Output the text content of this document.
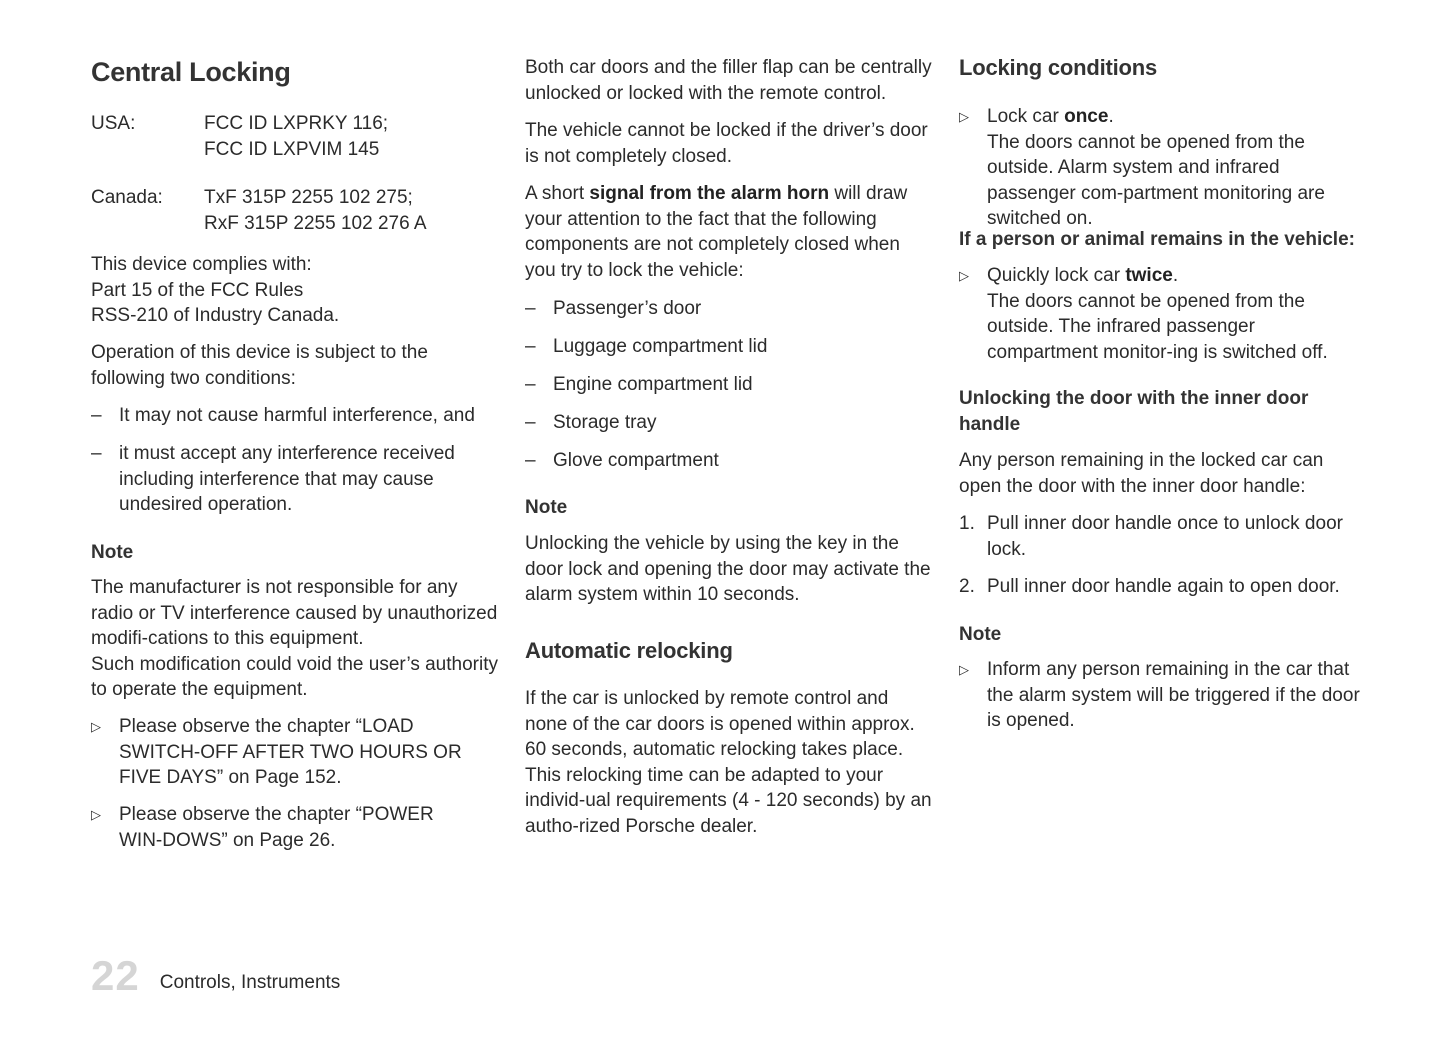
Central Locking
USA:	FCC ID LXPRKY 116;
FCC ID LXPVIM 145
Canada:	TxF 315P 2255 102 275;
RxF 315P 2255 102 276 A

This device complies with:
Part 15 of the FCC Rules
RSS-210 of Industry Canada.

Operation of this device is subject to the following two conditions:

– It may not cause harmful interference, and
– it must accept any interference received including interference that may cause undesired operation.
Note

The manufacturer is not responsible for any radio or TV interference caused by unauthorized modifi-cations to this equipment.
Such modification could void the user’s authority to operate the equipment.

▷ Please observe the chapter “LOAD SWITCH-OFF AFTER TWO HOURS OR FIVE DAYS” on Page 152.
▷ Please observe the chapter “POWER WIN-DOWS” on Page 26.

Both car doors and the filler flap can be centrally unlocked or locked with the remote control.

The vehicle cannot be locked if the driver’s door is not completely closed.

A short signal from the alarm horn will draw your attention to the fact that the following components are not completely closed when you try to lock the vehicle:

– Passenger’s door
– Luggage compartment lid
– Engine compartment lid
– Storage tray
– Glove compartment
Note

Unlocking the vehicle by using the key in the door lock and opening the door may activate the alarm system within 10 seconds.

Automatic relocking

If the car is unlocked by remote control and none of the car doors is opened within approx.
60 seconds, automatic relocking takes place.
This relocking time can be adapted to your individ-ual requirements (4 - 120 seconds) by an autho-rized Porsche dealer.

Locking conditions
▷ Lock car once.
The doors cannot be opened from the outside. Alarm system and infrared passenger com-partment monitoring are switched on.
If a person or animal remains in the vehicle:
▷ Quickly lock car twice.
The doors cannot be opened from the outside. The infrared passenger compartment monitor-ing is switched off.
Unlocking the door with the inner door handle

Any person remaining in the locked car can open the door with the inner door handle:

1. Pull inner door handle once to unlock door lock.
2. Pull inner door handle again to open door.
Note
▷ Inform any person remaining in the car that the alarm system will be triggered if the door is opened.
22 Controls, Instruments
